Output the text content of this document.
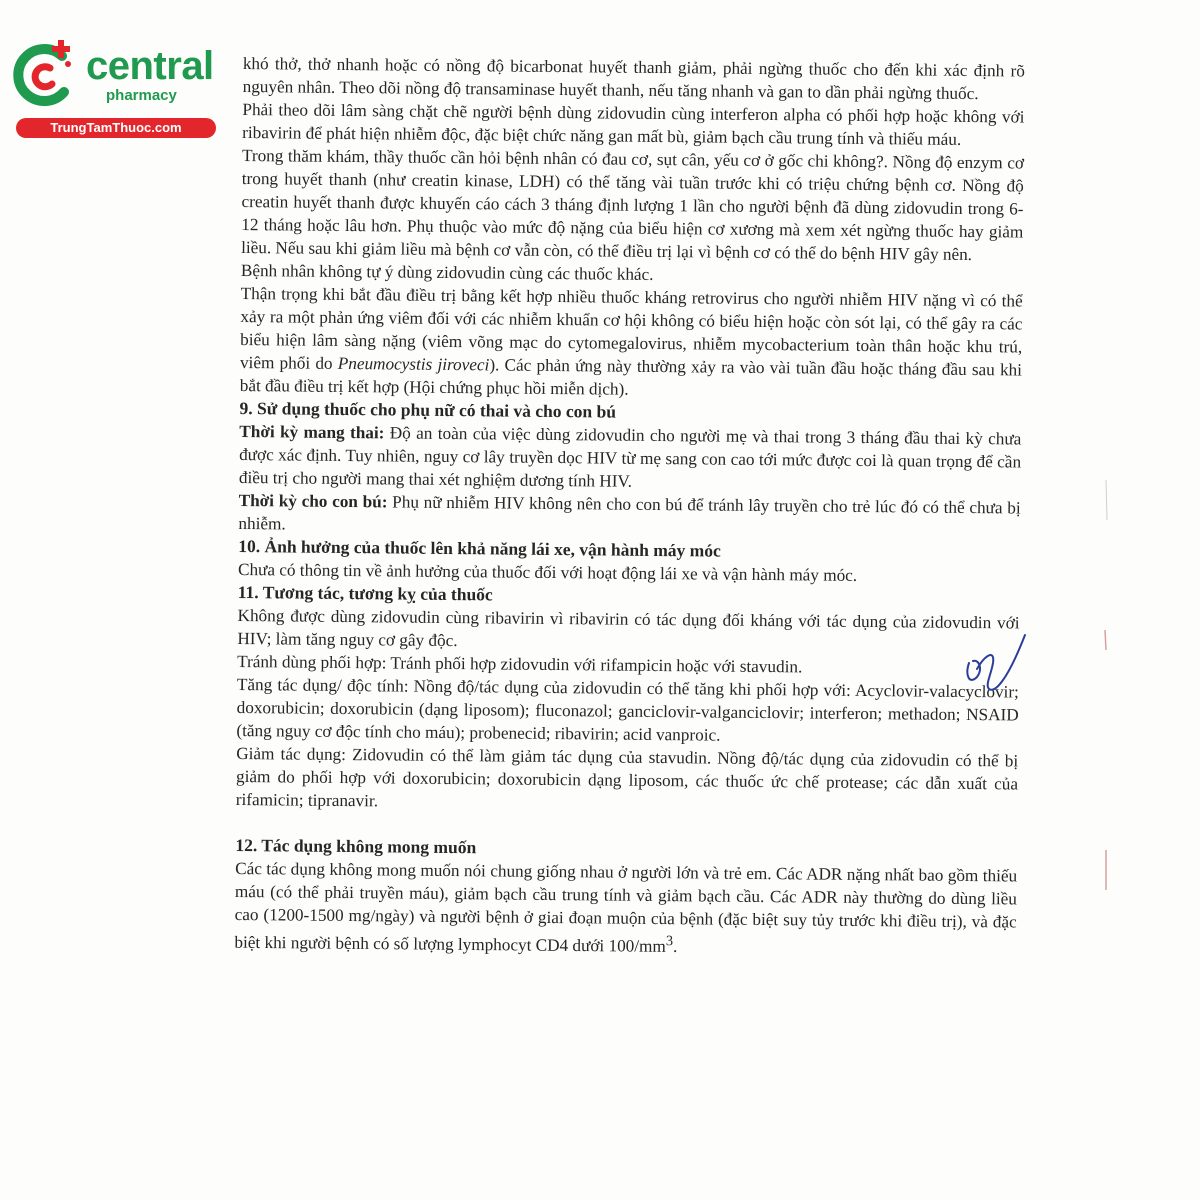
central
pharmacy
TrungTamThuoc.com

khó thở, thở nhanh hoặc có nồng độ bicarbonat huyết thanh giảm, phải ngừng thuốc cho đến khi xác định rõ nguyên nhân. Theo dõi nồng độ transaminase huyết thanh, nếu tăng nhanh và gan to dần phải ngừng thuốc.

Phải theo dõi lâm sàng chặt chẽ người bệnh dùng zidovudin cùng interferon alpha có phối hợp hoặc không với ribavirin để phát hiện nhiễm độc, đặc biệt chức năng gan mất bù, giảm bạch cầu trung tính và thiếu máu.

Trong thăm khám, thầy thuốc cần hỏi bệnh nhân có đau cơ, sụt cân, yếu cơ ở gốc chi không?. Nồng độ enzym cơ trong huyết thanh (như creatin kinase, LDH) có thể tăng vài tuần trước khi có triệu chứng bệnh cơ. Nồng độ creatin huyết thanh được khuyến cáo cách 3 tháng định lượng 1 lần cho người bệnh đã dùng zidovudin trong 6-12 tháng hoặc lâu hơn. Phụ thuộc vào mức độ nặng của biểu hiện cơ xương mà xem xét ngừng thuốc hay giảm liều. Nếu sau khi giảm liều mà bệnh cơ vẫn còn, có thể điều trị lại vì bệnh cơ có thể do bệnh HIV gây nên.

Bệnh nhân không tự ý dùng zidovudin cùng các thuốc khác.

Thận trọng khi bắt đầu điều trị bằng kết hợp nhiều thuốc kháng retrovirus cho người nhiễm HIV nặng vì có thể xảy ra một phản ứng viêm đối với các nhiễm khuẩn cơ hội không có biểu hiện hoặc còn sót lại, có thể gây ra các biểu hiện lâm sàng nặng (viêm võng mạc do cytomegalovirus, nhiễm mycobacterium toàn thân hoặc khu trú, viêm phổi do Pneumocystis jiroveci). Các phản ứng này thường xảy ra vào vài tuần đầu hoặc tháng đầu sau khi bắt đầu điều trị kết hợp (Hội chứng phục hồi miễn dịch).

9. Sử dụng thuốc cho phụ nữ có thai và cho con bú

Thời kỳ mang thai: Độ an toàn của việc dùng zidovudin cho người mẹ và thai trong 3 tháng đầu thai kỳ chưa được xác định. Tuy nhiên, nguy cơ lây truyền dọc HIV từ mẹ sang con cao tới mức được coi là quan trọng để cần điều trị cho người mang thai xét nghiệm dương tính HIV.

Thời kỳ cho con bú: Phụ nữ nhiễm HIV không nên cho con bú để tránh lây truyền cho trẻ lúc đó có thể chưa bị nhiễm.

10. Ảnh hưởng của thuốc lên khả năng lái xe, vận hành máy móc

Chưa có thông tin về ảnh hưởng của thuốc đối với hoạt động lái xe và vận hành máy móc.

11. Tương tác, tương kỵ của thuốc

Không được dùng zidovudin cùng ribavirin vì ribavirin có tác dụng đối kháng với tác dụng của zidovudin với HIV; làm tăng nguy cơ gây độc.

Tránh dùng phối hợp: Tránh phối hợp zidovudin với rifampicin hoặc với stavudin.

Tăng tác dụng/ độc tính: Nồng độ/tác dụng của zidovudin có thể tăng khi phối hợp với: Acyclovir-valacyclovir; doxorubicin; doxorubicin (dạng liposom); fluconazol; ganciclovir-valganciclovir; interferon; methadon; NSAID (tăng nguy cơ độc tính cho máu); probenecid; ribavirin; acid vanproic.

Giảm tác dụng: Zidovudin có thể làm giảm tác dụng của stavudin. Nồng độ/tác dụng của zidovudin có thể bị giảm do phối hợp với doxorubicin; doxorubicin dạng liposom, các thuốc ức chế protease; các dẫn xuất của rifamicin; tipranavir.

12. Tác dụng không mong muốn

Các tác dụng không mong muốn nói chung giống nhau ở người lớn và trẻ em. Các ADR nặng nhất bao gồm thiếu máu (có thể phải truyền máu), giảm bạch cầu trung tính và giảm bạch cầu. Các ADR này thường do dùng liều cao (1200-1500 mg/ngày) và người bệnh ở giai đoạn muộn của bệnh (đặc biệt suy tủy trước khi điều trị), và đặc biệt khi người bệnh có số lượng lymphocyt CD4 dưới $100/mm^3$.
